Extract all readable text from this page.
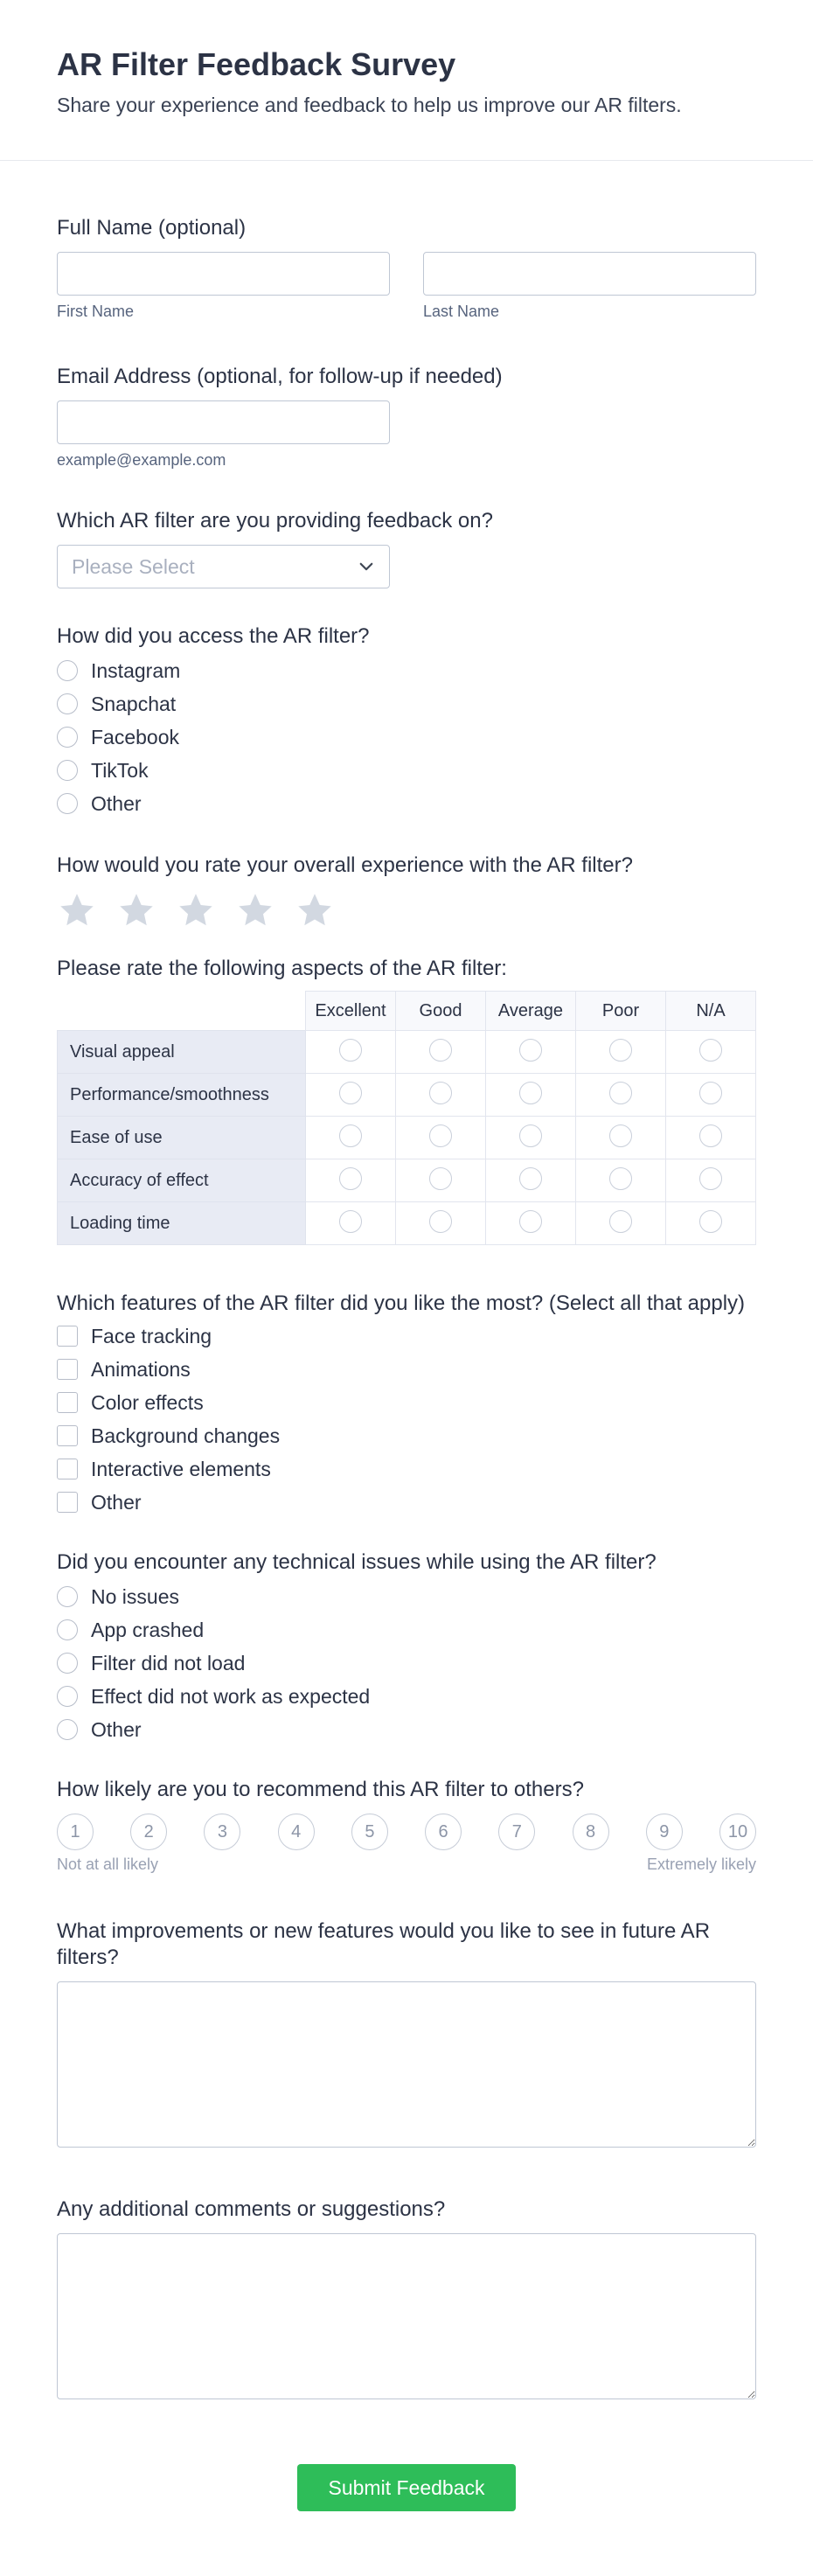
AR Filter Feedback Survey

Share your experience and feedback to help us improve our AR filters.

Full Name (optional)
First Name	Last Name
Email Address (optional, for follow-up if needed)
example@example.com
Which AR filter are you providing feedback on?
Please Select
How did you access the AR filter?
Instagram
Snapchat
Facebook
TikTok
Other
How would you rate your overall experience with the AR filter?
Please rate the following aspects of the AR filter:
	Excellent	Good	Average	Poor	N/A
Visual appeal					
Performance/smoothness					
Ease of use					
Accuracy of effect					
Loading time					
Which features of the AR filter did you like the most? (Select all that apply)
Face tracking
Animations
Color effects
Background changes
Interactive elements
Other
Did you encounter any technical issues while using the AR filter?
No issues
App crashed
Filter did not load
Effect did not work as expected
Other
How likely are you to recommend this AR filter to others?
1	2	3	4	5	6	7	8	9	10
Not at all likely	Extremely likely
What improvements or new features would you like to see in future AR filters?
Any additional comments or suggestions?
Submit Feedback
